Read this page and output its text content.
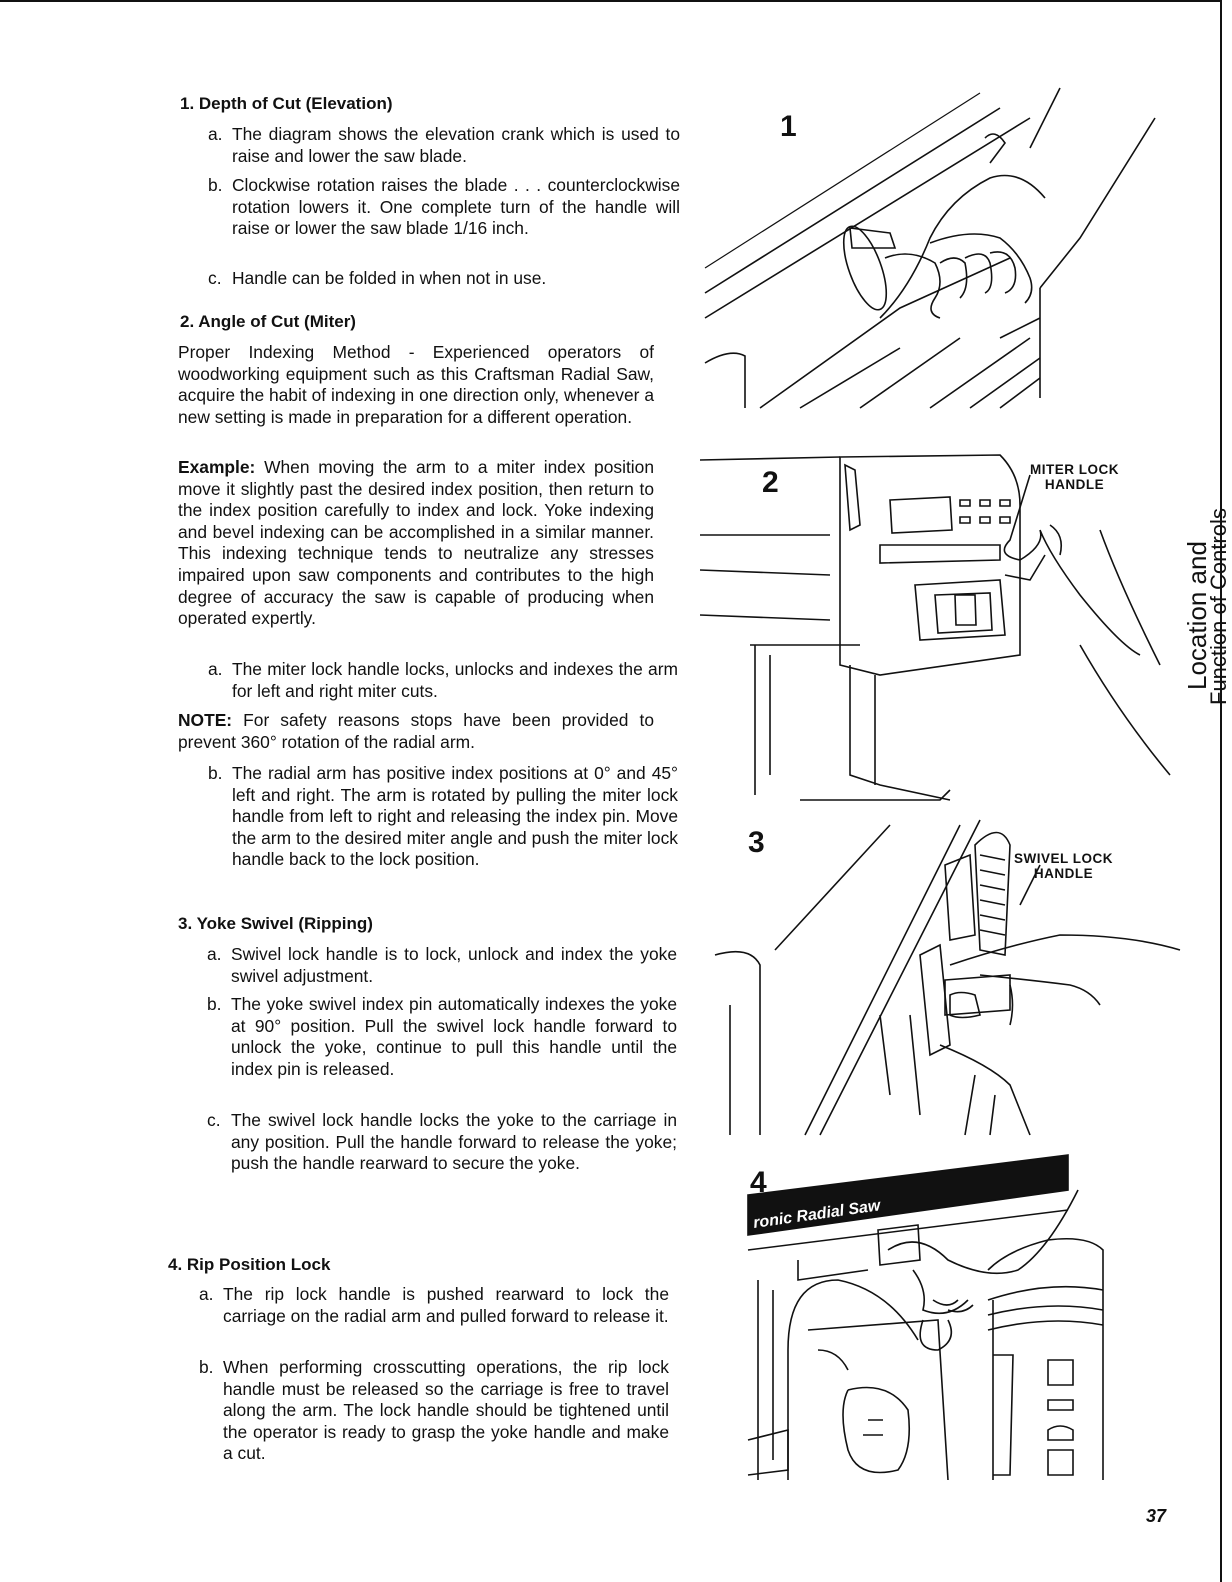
1. Depth of Cut (Elevation)

a. The diagram shows the elevation crank which is used to raise and lower the saw blade.

b. Clockwise rotation raises the blade . . . counterclockwise rotation lowers it. One complete turn of the handle will raise or lower the saw blade 1/16 inch.

c. Handle can be folded in when not in use.

2. Angle of Cut (Miter)

Proper Indexing Method - Experienced operators of woodworking equipment such as this Craftsman Radial Saw, acquire the habit of indexing in one direction only, whenever a new setting is made in preparation for a different operation.

Example: When moving the arm to a miter index position move it slightly past the desired index position, then return to the index position carefully to index and lock. Yoke indexing and bevel indexing can be accomplished in a similar manner. This indexing technique tends to neutralize any stresses impaired upon saw components and contributes to the high degree of accuracy the saw is capable of producing when operated expertly.

a. The miter lock handle locks, unlocks and indexes the arm for left and right miter cuts.

NOTE: For safety reasons stops have been provided to prevent 360° rotation of the radial arm.

b. The radial arm has positive index positions at 0° and 45° left and right. The arm is rotated by pulling the miter lock handle from left to right and releasing the index pin. Move the arm to the desired miter angle and push the miter lock handle back to the lock position.

3. Yoke Swivel (Ripping)

a. Swivel lock handle is to lock, unlock and index the yoke swivel adjustment.

b. The yoke swivel index pin automatically indexes the yoke at 90° position. Pull the swivel lock handle forward to unlock the yoke, continue to pull this handle until the index pin is released.

c. The swivel lock handle locks the yoke to the carriage in any position. Pull the handle forward to release the yoke; push the handle rearward to secure the yoke.

4. Rip Position Lock

a. The rip lock handle is pushed rearward to lock the carriage on the radial arm and pulled forward to release it.

b. When performing crosscutting operations, the rip lock handle must be released so the carriage is free to travel along the arm. The lock handle should be tightened until the operator is ready to grasp the yoke handle and make a cut.

1
2	MITER LOCK
HANDLE
Location and
Function of Controls
3	SWIVEL LOCK
HANDLE
4
ronic Radial Saw
37
